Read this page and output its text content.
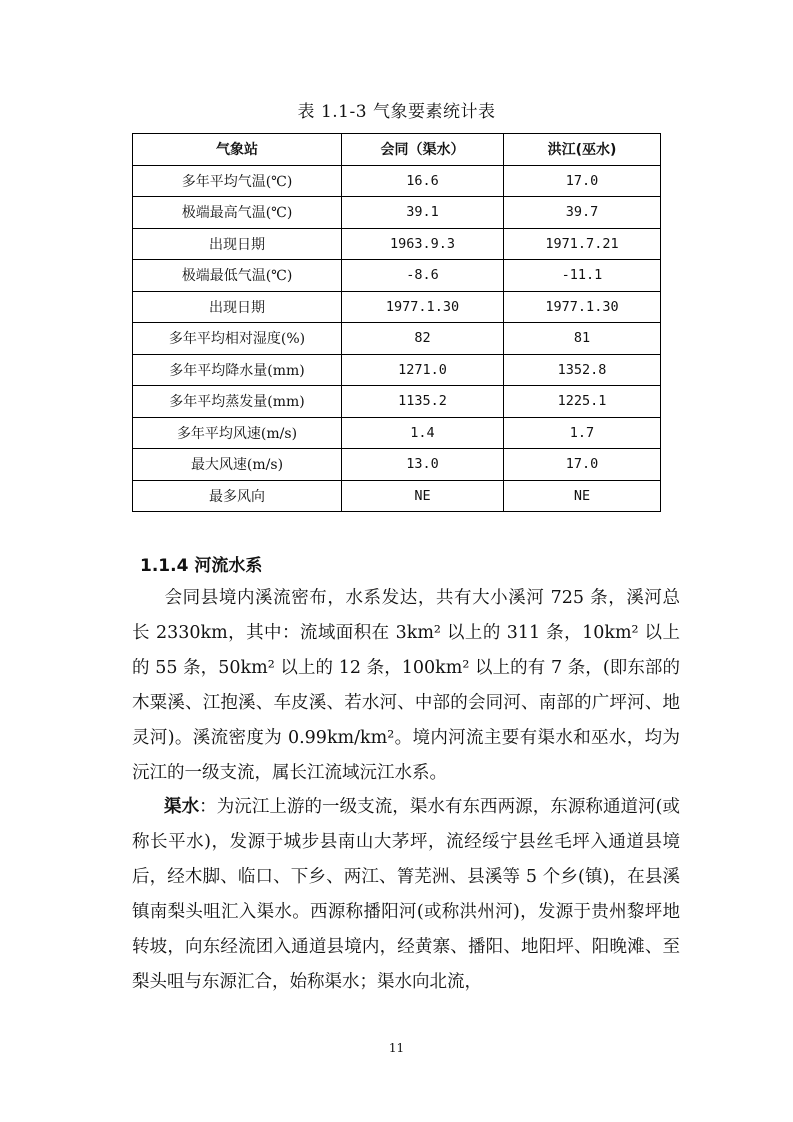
表 1.1-3 气象要素统计表
气象站	会同（渠水）	洪江(巫水)
多年平均气温(℃)	16.6	17.0
极端最高气温(℃)	39.1	39.7
出现日期	1963.9.3	1971.7.21
极端最低气温(℃)	-8.6	-11.1
出现日期	1977.1.30	1977.1.30
多年平均相对湿度(%)	82	81
多年平均降水量(mm)	1271.0	1352.8
多年平均蒸发量(mm)	1135.2	1225.1
多年平均风速(m/s)	1.4	1.7
最大风速(m/s)	13.0	17.0
最多风向	NE	NE
1.1.4 河流水系

会同县境内溪流密布，水系发达，共有大小溪河 725 条，溪河总长 2330km，其中：流域面积在 3km² 以上的 311 条，10km² 以上的 55 条，50km² 以上的 12 条，100km² 以上的有 7 条，(即东部的木粟溪、江抱溪、车皮溪、若水河、中部的会同河、南部的广坪河、地灵河)。溪流密度为 0.99km/km²。境内河流主要有渠水和巫水，均为沅江的一级支流，属长江流域沅江水系。

渠水：为沅江上游的一级支流，渠水有东西两源，东源称通道河(或称长平水)，发源于城步县南山大茅坪，流经绥宁县丝毛坪入通道县境后，经木脚、临口、下乡、两江、箐芜洲、县溪等 5 个乡(镇)，在县溪镇南梨头咀汇入渠水。西源称播阳河(或称洪州河)，发源于贵州黎坪地转坡，向东经流团入通道县境内，经黄寨、播阳、地阳坪、阳晚滩、至梨头咀与东源汇合，始称渠水；渠水向北流，

11
